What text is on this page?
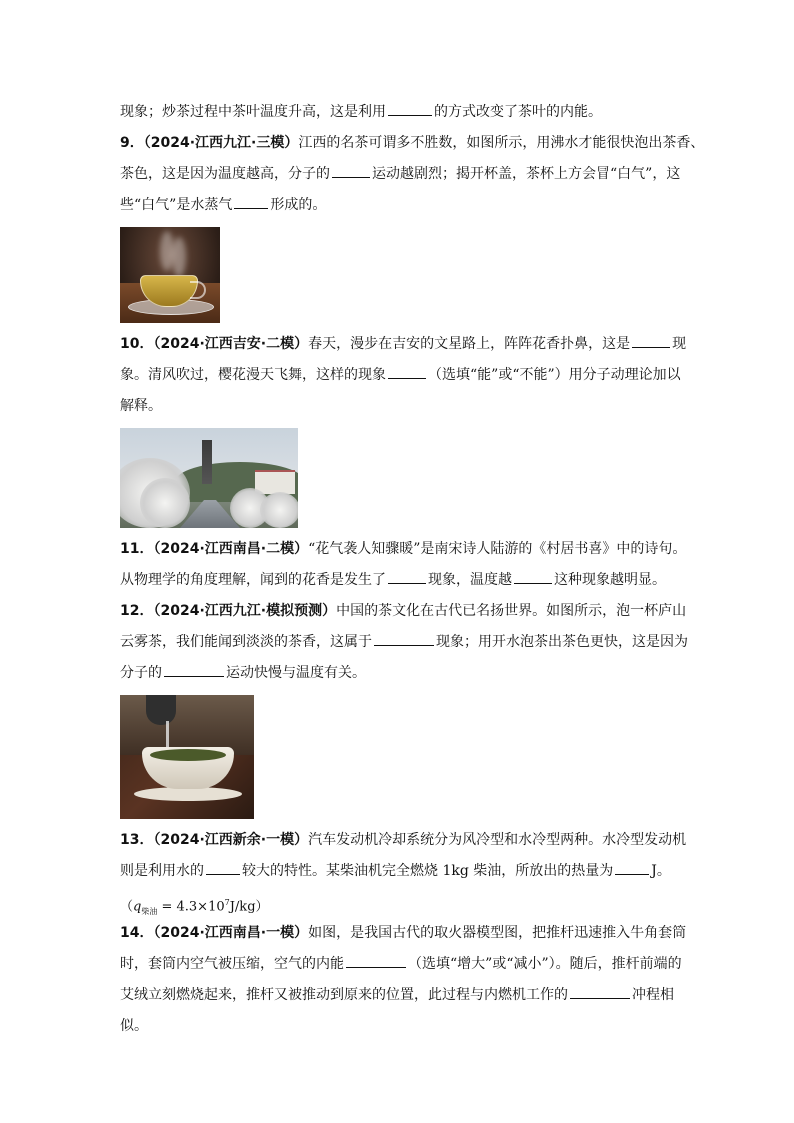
现象；炒茶过程中茶叶温度升高，这是利用	的方式改变了茶叶的内能。
9．（2024·江西九江·三模）江西的名茶可谓多不胜数，如图所示，用沸水才能很快泡出茶香、
茶色，这是因为温度越高，分子的	运动越剧烈；揭开杯盖，茶杯上方会冒“白气”，这
些“白气”是水蒸气	形成的。
10．（2024·江西吉安·二模）春天，漫步在吉安的文星路上，阵阵花香扑鼻，这是	现
象。清风吹过，樱花漫天飞舞，这样的现象	（选填“能”或“不能”）用分子动理论加以
解释。
11．（2024·江西南昌·二模）“花气袭人知骤暖”是南宋诗人陆游的《村居书喜》中的诗句。
从物理学的角度理解，闻到的花香是发生了	现象，温度越	这种现象越明显。
12．（2024·江西九江·模拟预测）中国的茶文化在古代已名扬世界。如图所示，泡一杯庐山
云雾茶，我们能闻到淡淡的茶香，这属于	现象；用开水泡茶出茶色更快，这是因为
分子的	运动快慢与温度有关。
13．（2024·江西新余·一模）汽车发动机冷却系统分为风冷型和水冷型两种。水冷型发动机
则是利用水的	较大的特性。某柴油机完全燃烧 1kg 柴油，所放出的热量为	J。
$(q_{柴油} = 4.3\times 10^7J/kg)$
14．（2024·江西南昌·一模）如图，是我国古代的取火器模型图，把推杆迅速推入牛角套筒
时，套筒内空气被压缩，空气的内能	（选填“增大”或“减小”）。随后，推杆前端的
艾绒立刻燃烧起来，推杆又被推动到原来的位置，此过程与内燃机工作的	冲程相
似。
